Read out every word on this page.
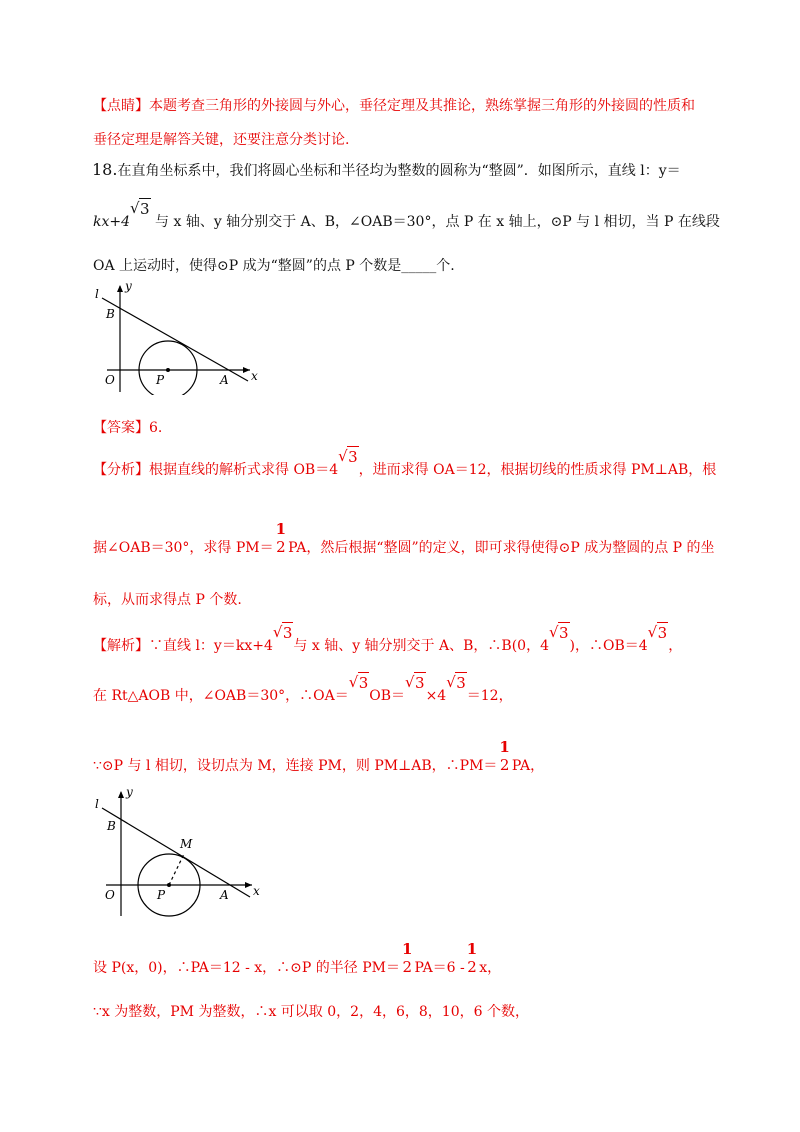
【点睛】本题考查三角形的外接圆与外心，垂径定理及其推论，熟练掌握三角形的外接圆的性质和
垂径定理是解答关键，还要注意分类讨论.
18.在直角坐标系中，我们将圆心坐标和半径均为整数的圆称为“整圆”．如图所示，直线 l：y＝
kx+4
√ 3 与 x 轴、y 轴分别交于 A、B，∠OAB＝30°，点 P 在 x 轴上，⊙P 与 l 相切，当 P 在线段
OA 上运动时，使得⊙P 成为“整圆”的点 P 个数是_____个.
l
y
B
O	P	A x
【答案】6.
【分析】根据直线的解析式求得 OB＝4
√ 3，进而求得 OA＝12，根据切线的性质求得 PM⊥AB，根
据∠OAB＝30°，求得 PM＝
1
2 PA，然后根据“整圆”的定义，即可求得使得⊙P 成为整圆的点 P 的坐
标，从而求得点 P 个数.
【解析】∵直线 l：y＝kx+4
√ 3与 x 轴、y 轴分别交于 A、B，∴B(0，4
√ 3)，∴OB＝4
√ 3，
在 Rt△AOB 中，∠OAB＝30°，∴OA＝
√ 3OB＝
√ 3×4
√ 3＝12，
∵⊙P 与 l 相切，设切点为 M，连接 PM，则 PM⊥AB，∴PM＝
1
2 PA，
l
y
B
M
O	P	A x
设 P(x，0)，∴PA＝12 - x，∴⊙P 的半径 PM＝
1
2 PA＝6 -
1
2 x，
∵x 为整数，PM 为整数，∴x 可以取 0，2，4，6，8，10，6 个数，
